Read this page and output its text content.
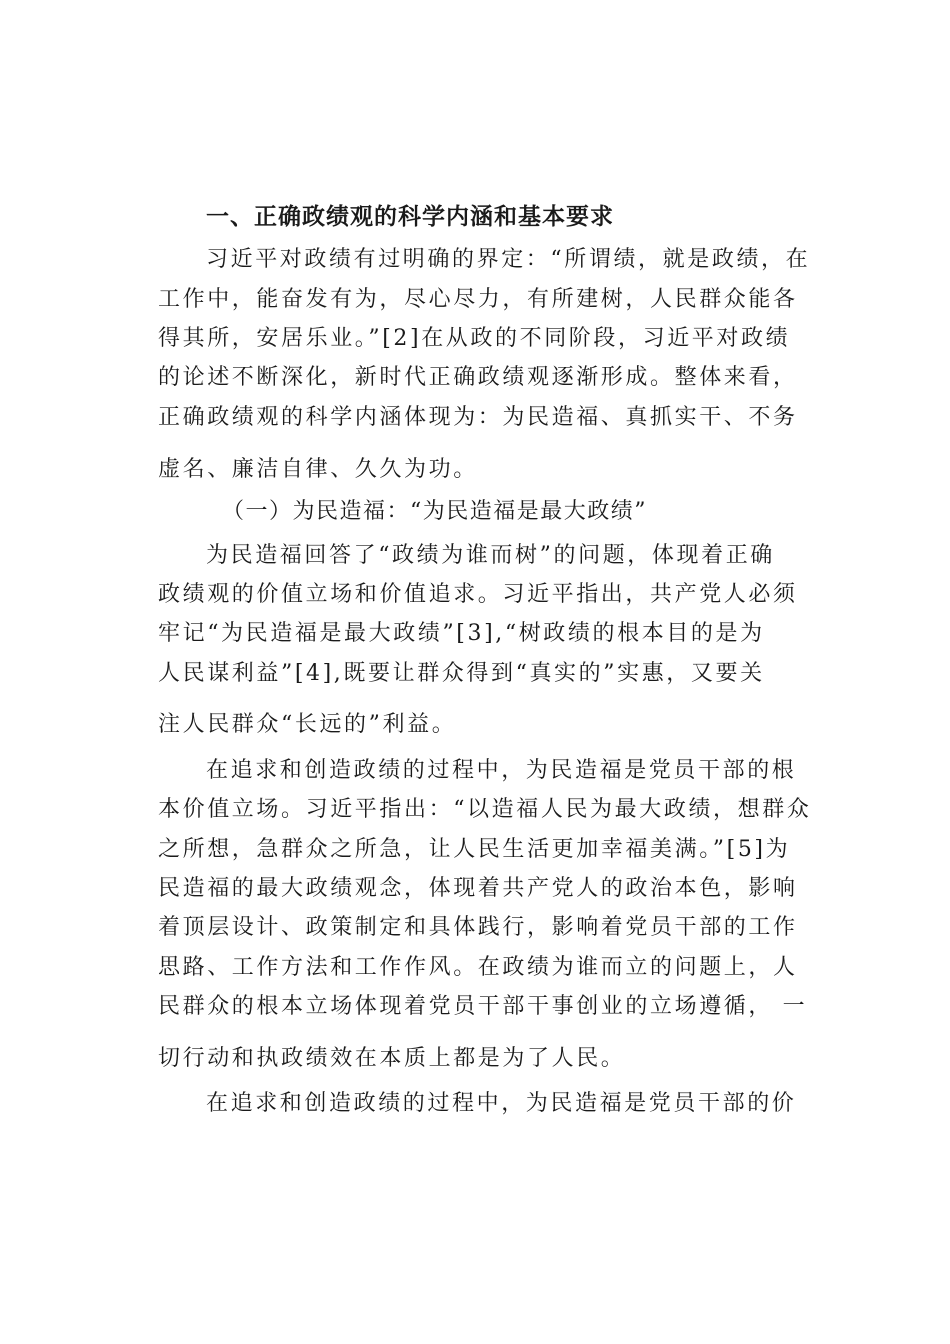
一、正确政绩观的科学内涵和基本要求
习近平对政绩有过明确的界定：“所谓绩，就是政绩，在
工作中，能奋发有为，尽心尽力，有所建树，人民群众能各
得其所，安居乐业。”[2]在从政的不同阶段，习近平对政绩
的论述不断深化，新时代正确政绩观逐渐形成。整体来看，
正确政绩观的科学内涵体现为：为民造福、真抓实干、不务
虚名、廉洁自律、久久为功。
（一）为民造福：“为民造福是最大政绩”
为民造福回答了“政绩为谁而树”的问题，体现着正确
政绩观的价值立场和价值追求。习近平指出，共产党人必须
牢记“为民造福是最大政绩”[3],“树政绩的根本目的是为
人民谋利益”[4],既要让群众得到“真实的”实惠，又要关
注人民群众“长远的”利益。
在追求和创造政绩的过程中，为民造福是党员干部的根
本价值立场。习近平指出：“以造福人民为最大政绩，想群众
之所想，急群众之所急，让人民生活更加幸福美满。”[5]为
民造福的最大政绩观念，体现着共产党人的政治本色，影响
着顶层设计、政策制定和具体践行，影响着党员干部的工作
思路、工作方法和工作作风。在政绩为谁而立的问题上，人
民群众的根本立场体现着党员干部干事创业的立场遵循， 一
切行动和执政绩效在本质上都是为了人民。
在追求和创造政绩的过程中，为民造福是党员干部的价
